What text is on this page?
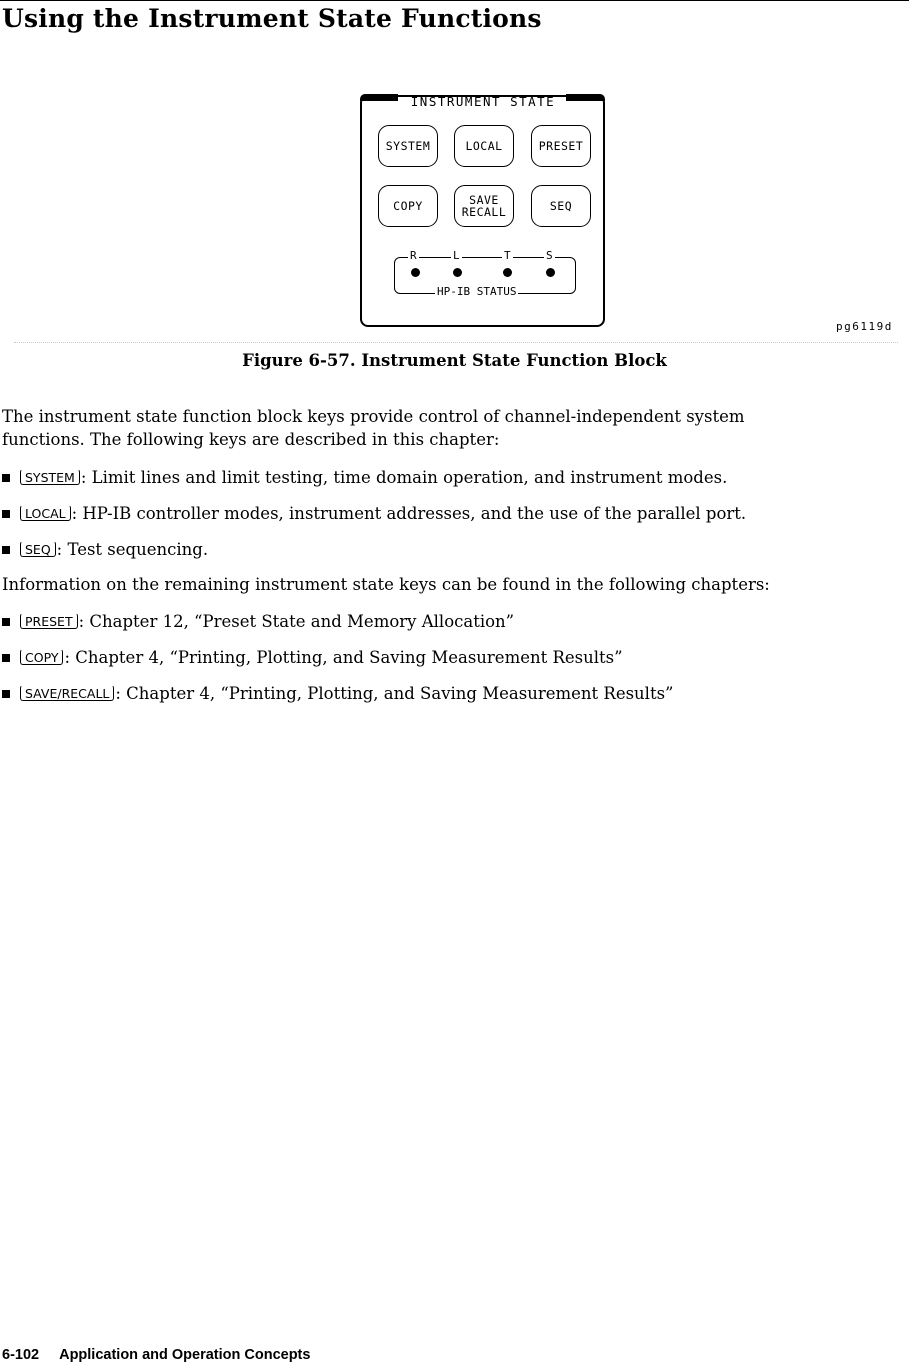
Using the Instrument State Functions
INSTRUMENT STATE
SYSTEM	LOCAL	PRESET
COPY	SAVE
RECALL	SEQ
R	L	T	S
HP-IB STATUS
pg6119d

Figure 6-57. Instrument State Function Block

The instrument state function block keys provide control of channel-independent system
functions. The following keys are described in this chapter:
SYSTEM : Limit lines and limit testing, time domain operation, and instrument modes.
LOCAL : HP-IB controller modes, instrument addresses, and the use of the parallel port.
SEQ : Test sequencing.
Information on the remaining instrument state keys can be found in the following chapters:
PRESET : Chapter 12, “Preset State and Memory Allocation”
COPY : Chapter 4, “Printing, Plotting, and Saving Measurement Results”
SAVE/RECALL : Chapter 4, “Printing, Plotting, and Saving Measurement Results”
6-102 Application and Operation Concepts
